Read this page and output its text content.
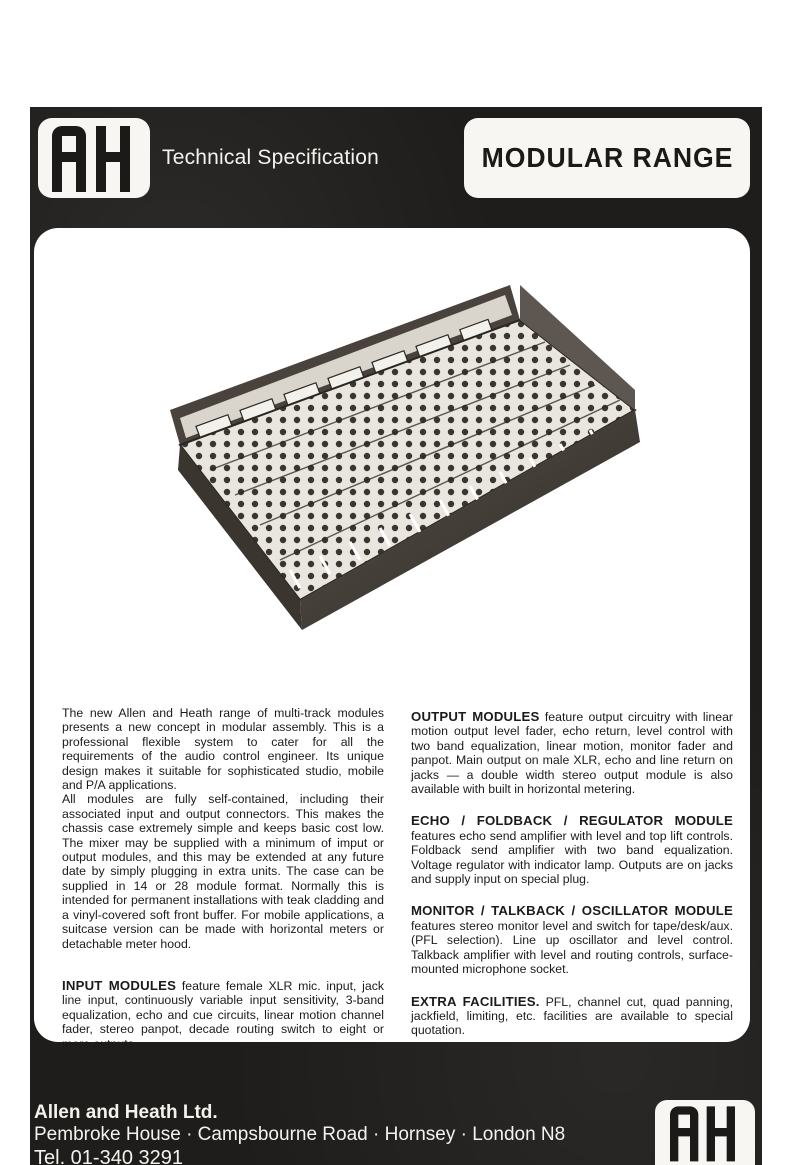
Technical Specification	MODULAR RANGE

The new Allen and Heath range of multi-track modules presents a new concept in modular assembly. This is a professional flexible system to cater for all the requirements of the audio control engineer. Its unique design makes it suitable for sophisticated studio, mobile and P/A applications.

All modules are fully self-contained, including their associated input and output connectors. This makes the chassis case extremely simple and keeps basic cost low. The mixer may be supplied with a minimum of imput or output modules, and this may be extended at any future date by simply plugging in extra units. The case can be supplied in 14 or 28 module format. Normally this is intended for permanent installations with teak cladding and a vinyl-covered soft front buffer. For mobile applications, a suitcase version can be made with horizontal meters or detachable meter hood.

INPUT MODULES feature female XLR mic. input, jack line input, continuously variable input sensitivity, 3-band equalization, echo and cue circuits, linear motion channel fader, stereo panpot, decade routing switch to eight or more outputs.

OUTPUT MODULES feature output circuitry with linear motion output level fader, echo return, level control with two band equalization, linear motion, monitor fader and panpot. Main output on male XLR, echo and line return on jacks — a double width stereo output module is also available with built in horizontal metering.

ECHO / FOLDBACK / REGULATOR MODULE features echo send amplifier with level and top lift controls. Foldback send amplifier with two band equalization. Voltage regulator with indicator lamp. Outputs are on jacks and supply input on special plug.

MONITOR / TALKBACK / OSCILLATOR MODULE features stereo monitor level and switch for tape/desk/aux. (PFL selection). Line up oscillator and level control. Talkback amplifier with level and routing controls, surface-mounted microphone socket.

EXTRA FACILITIES. PFL, channel cut, quad panning, jackfield, limiting, etc. facilities are available to special quotation.

Allen and Heath Ltd.
Pembroke House · Campsbourne Road · Hornsey · London N8
Tel. 01-340 3291
